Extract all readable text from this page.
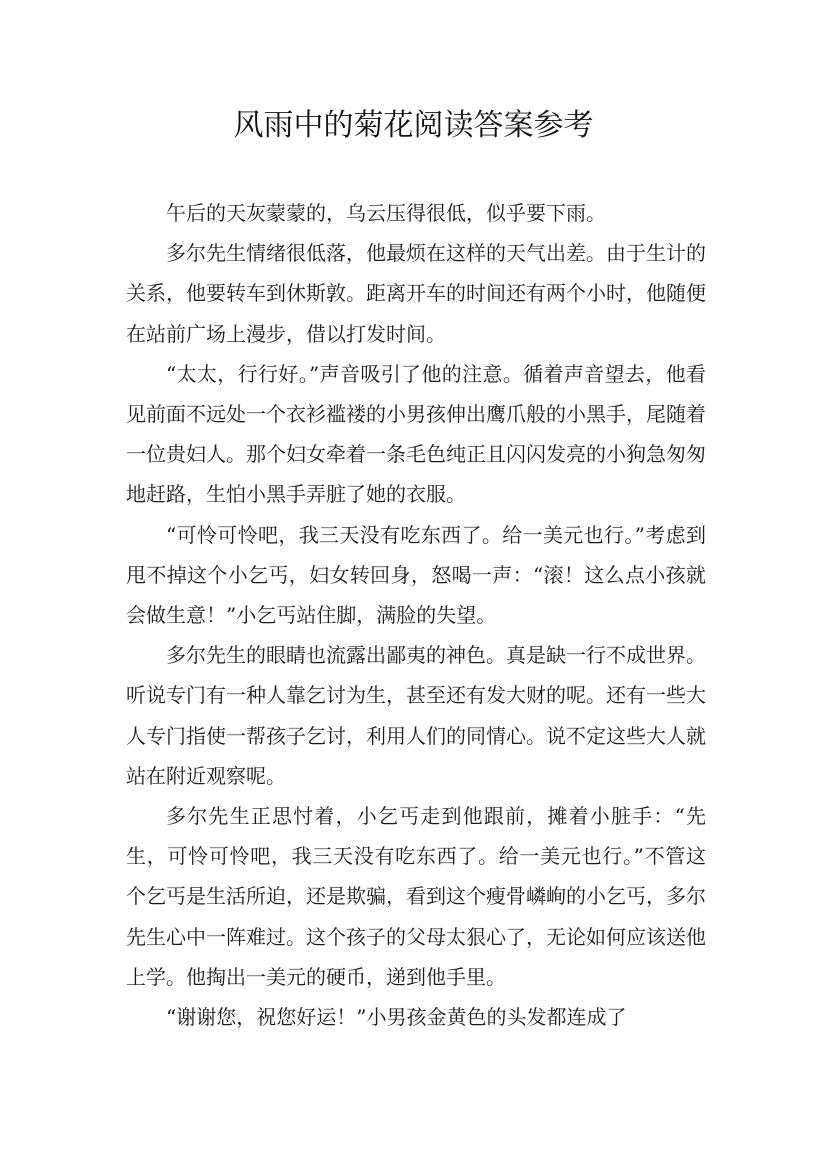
风雨中的菊花阅读答案参考

午后的天灰蒙蒙的，乌云压得很低，似乎要下雨。

多尔先生情绪很低落，他最烦在这样的天气出差。由于生计的关系，他要转车到休斯敦。距离开车的时间还有两个小时，他随便在站前广场上漫步，借以打发时间。

“太太，行行好。”声音吸引了他的注意。循着声音望去，他看见前面不远处一个衣衫褴褛的小男孩伸出鹰爪般的小黑手，尾随着一位贵妇人。那个妇女牵着一条毛色纯正且闪闪发亮的小狗急匆匆地赶路，生怕小黑手弄脏了她的衣服。

“可怜可怜吧，我三天没有吃东西了。给一美元也行。”考虑到甩不掉这个小乞丐，妇女转回身，怒喝一声：“滚！这么点小孩就会做生意！”小乞丐站住脚，满脸的失望。

多尔先生的眼睛也流露出鄙夷的神色。真是缺一行不成世界。听说专门有一种人靠乞讨为生，甚至还有发大财的呢。还有一些大人专门指使一帮孩子乞讨，利用人们的同情心。说不定这些大人就站在附近观察呢。

多尔先生正思忖着，小乞丐走到他跟前，摊着小脏手：“先生，可怜可怜吧，我三天没有吃东西了。给一美元也行。”不管这个乞丐是生活所迫，还是欺骗，看到这个瘦骨嶙峋的小乞丐，多尔先生心中一阵难过。这个孩子的父母太狠心了，无论如何应该送他上学。他掏出一美元的硬币，递到他手里。

“谢谢您，祝您好运！”小男孩金黄色的头发都连成了
